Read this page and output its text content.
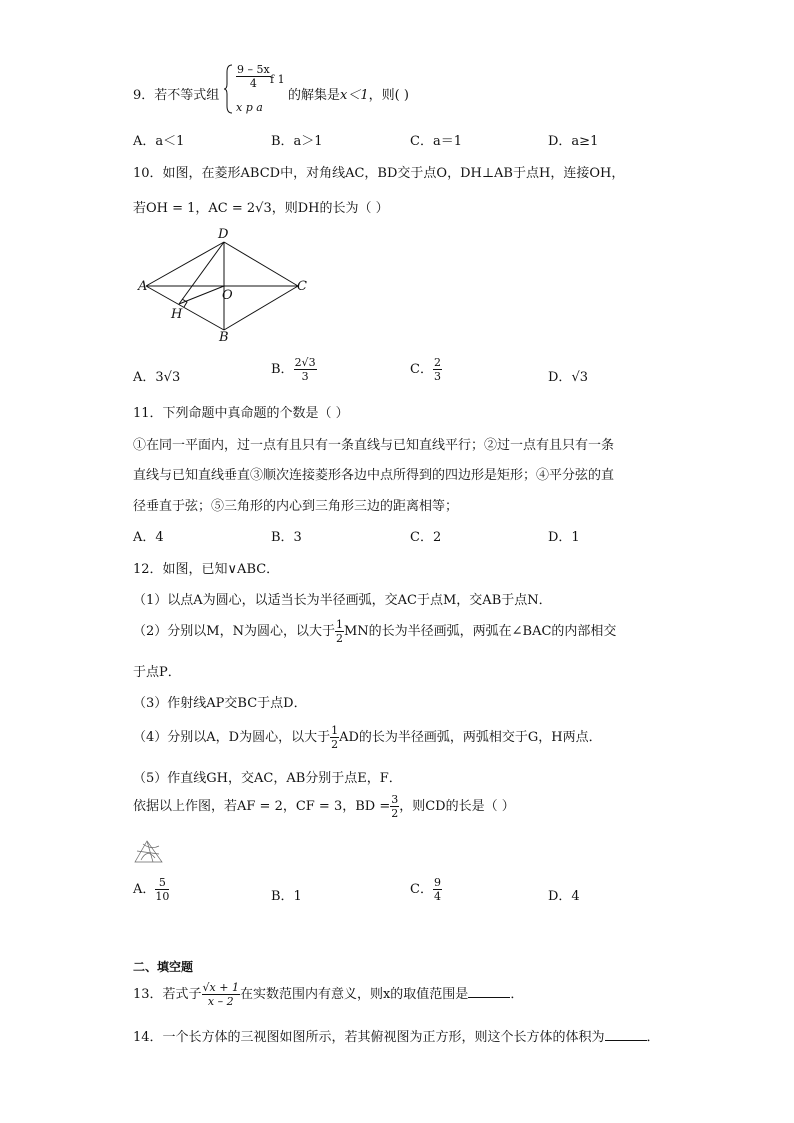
9．若不等式组
$\frac{9 - 5x}{4}$ f 1
x p a
的解集是x＜1，则( )
A．a＜1	B．a＞1	C．a＝1	D．a≥1
10．如图，在菱形ABCD中，对角线AC，BD交于点O，DH⊥AB于点H，连接OH，
若OH = 1，AC = 2√3，则DH的长为（ ）
D
A
O
C
H
B
A．3√3
B． $\frac{2√3}{3}$	C． $\frac{2}{3}$	D．√3
11．下列命题中真命题的个数是（ ）
①在同一平面内，过一点有且只有一条直线与已知直线平行；②过一点有且只有一条
直线与已知直线垂直③顺次连接菱形各边中点所得到的四边形是矩形；④平分弦的直
径垂直于弦；⑤三角形的内心到三角形三边的距离相等；
A．4	B．3	C．2	D．1
12．如图，已知∨ABC．
（1）以点A为圆心，以适当长为半径画弧，交AC于点M，交AB于点N．
（2）分别以M，N为圆心，以大于 $\frac{1}{2}$ MN的长为半径画弧，两弧在∠BAC的内部相交
于点P．
（3）作射线AP交BC于点D．
（4）分别以A，D为圆心，以大于 $\frac{1}{2}$ AD的长为半径画弧，两弧相交于G，H两点．
（5）作直线GH，交AC，AB分别于点E，F．
依据以上作图，若AF = 2，CF = 3，BD = $\frac{3}{2}$ ，则CD的长是（ ）
A． $\frac{5}{10}$	B．1	C． $\frac{9}{4}$	D．4
二、填空题
13．若式子 $\frac{√x + 1}{x - 2}$ 在实数范围内有意义，则x的取值范围是	．
14．一个长方体的三视图如图所示，若其俯视图为正方形，则这个长方体的体积为	．
